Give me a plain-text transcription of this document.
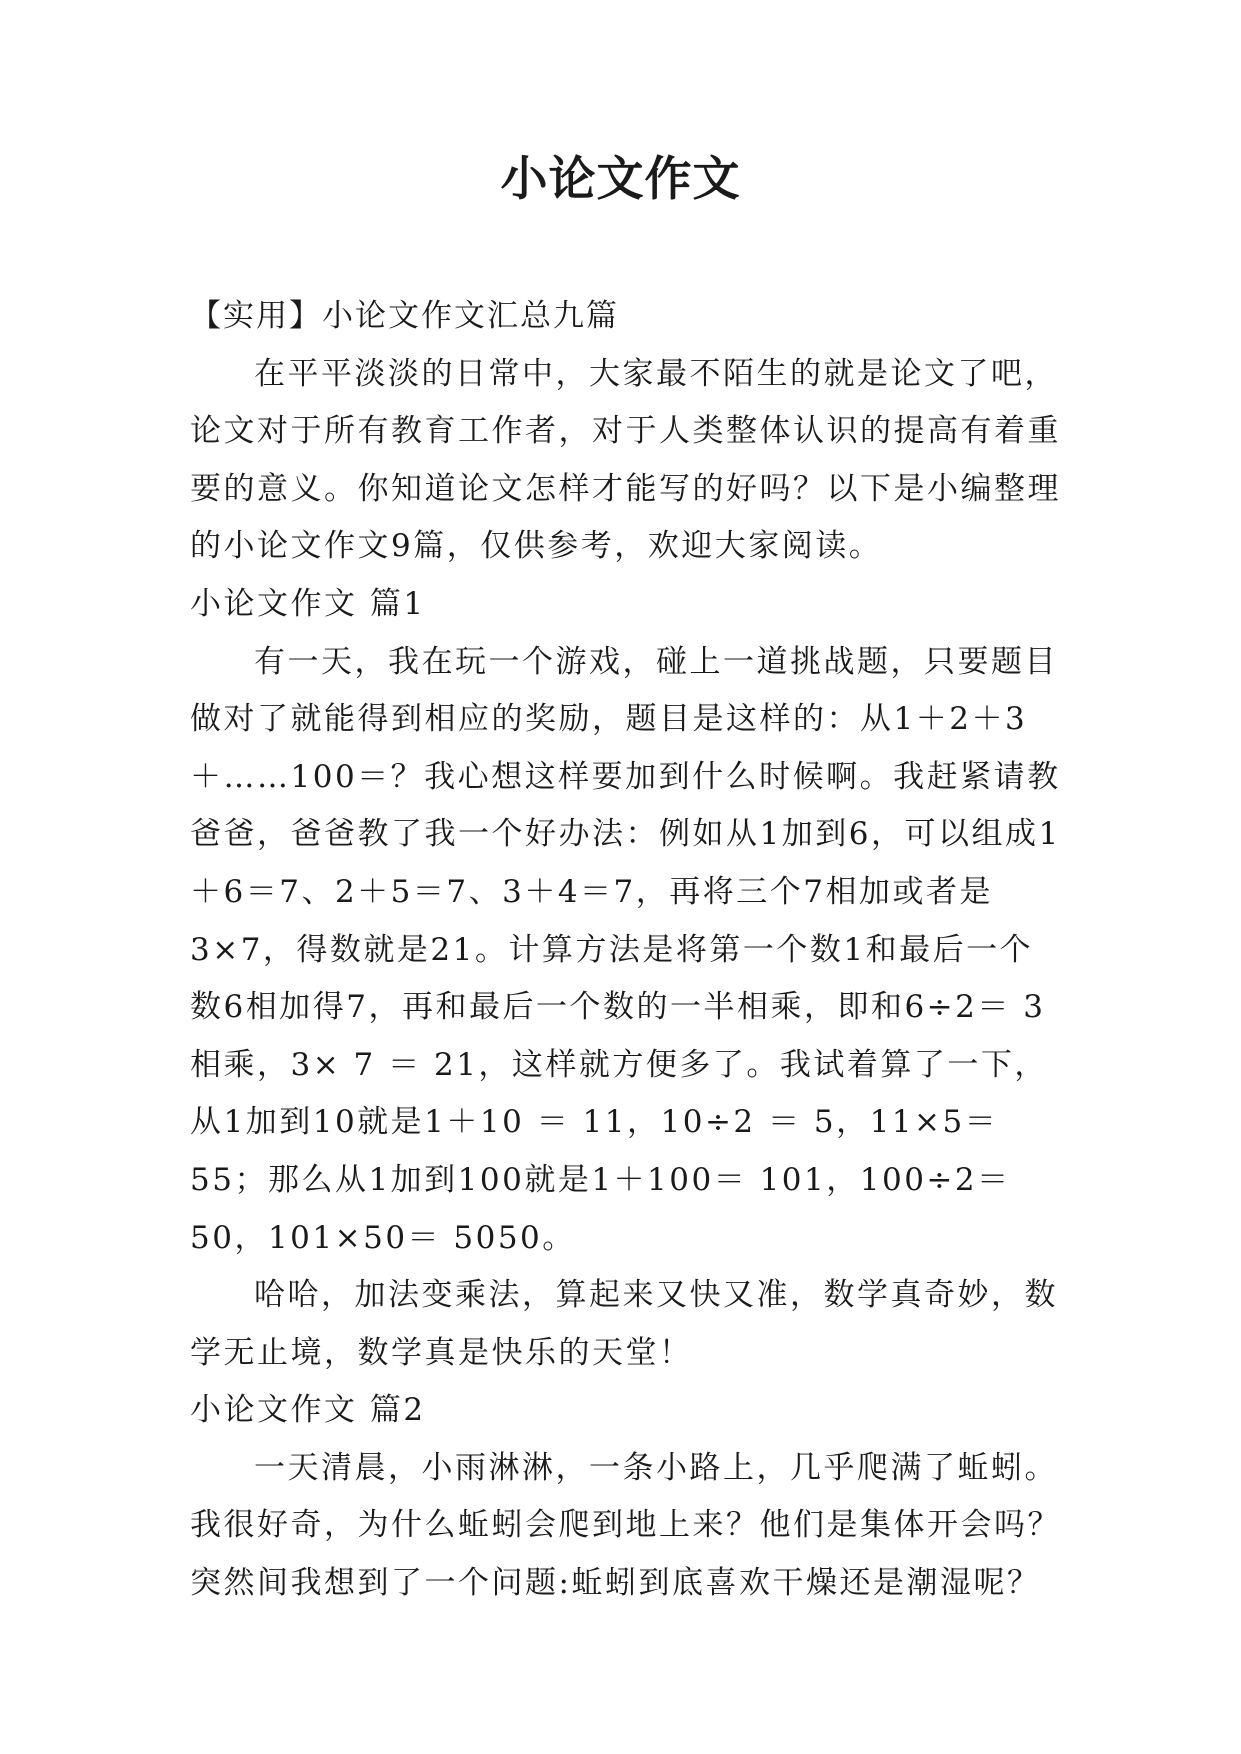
小论文作文

【实用】小论文作文汇总九篇

在平平淡淡的日常中，大家最不陌生的就是论文了吧，论文对于所有教育工作者，对于人类整体认识的提高有着重要的意义。你知道论文怎样才能写的好吗？以下是小编整理的小论文作文9篇，仅供参考，欢迎大家阅读。

小论文作文 篇1

有一天，我在玩一个游戏，碰上一道挑战题，只要题目做对了就能得到相应的奖励，题目是这样的：从1＋2＋3＋……100＝？我心想这样要加到什么时候啊。我赶紧请教爸爸，爸爸教了我一个好办法：例如从1加到6，可以组成1＋6＝7、2＋5＝7、3＋4＝7，再将三个7相加或者是3×7，得数就是21。计算方法是将第一个数1和最后一个数6相加得7，再和最后一个数的一半相乘，即和6÷2＝ 3相乘，3× 7 ＝ 21，这样就方便多了。我试着算了一下，从1加到10就是1＋10 ＝ 11，10÷2 ＝ 5，11×5＝ 55；那么从1加到100就是1＋100＝ 101，100÷2＝ 50，101×50＝ 5050。

哈哈，加法变乘法，算起来又快又准，数学真奇妙，数学无止境，数学真是快乐的天堂！

小论文作文 篇2

一天清晨，小雨淋淋，一条小路上，几乎爬满了蚯蚓。我很好奇，为什么蚯蚓会爬到地上来？他们是集体开会吗？突然间我想到了一个问题:蚯蚓到底喜欢干燥还是潮湿呢？
